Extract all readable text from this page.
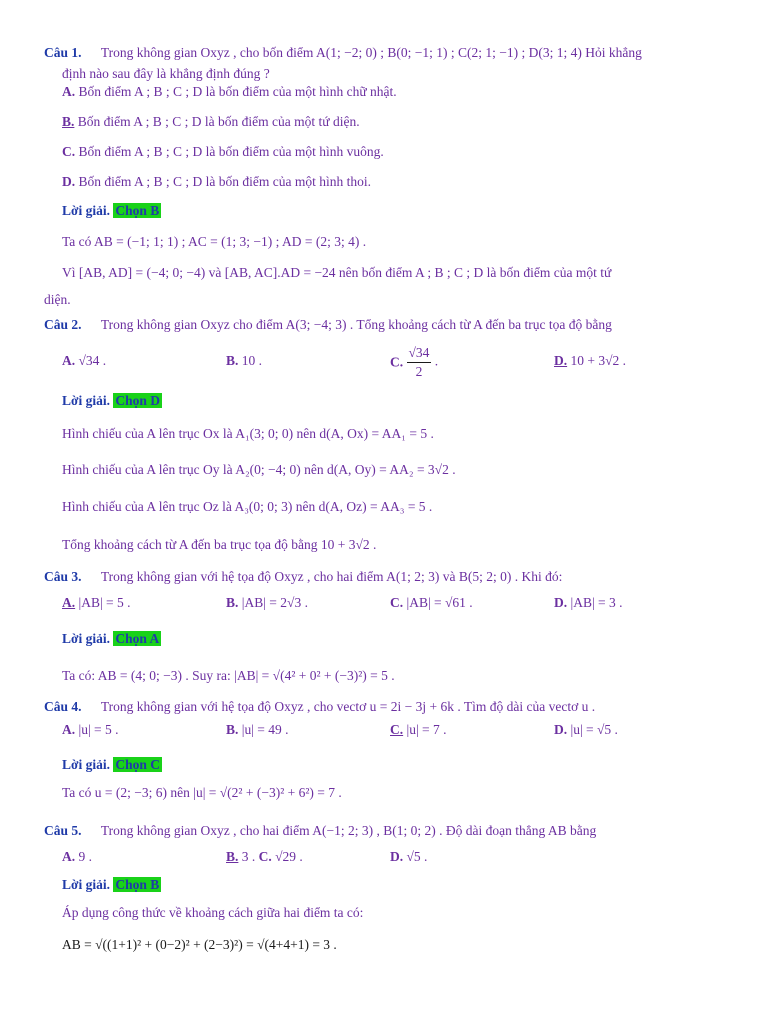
Câu 1. Trong không gian Oxyz , cho bốn điểm A(1; −2; 0) ; B(0; −1; 1) ; C(2; 1; −1) ; D(3; 1; 4) Hỏi khẳng
định nào sau đây là khẳng định đúng ?
A. Bốn điểm A ; B ; C ; D là bốn điểm của một hình chữ nhật.
B. Bốn điểm A ; B ; C ; D là bốn điểm của một tứ diện.
C. Bốn điểm A ; B ; C ; D là bốn điểm của một hình vuông.
D. Bốn điểm A ; B ; C ; D là bốn điểm của một hình thoi.
Lời giải. Chọn B
Ta có AB = (−1; 1; 1) ; AC = (1; 3; −1) ; AD = (2; 3; 4) .
Vì [AB, AD] = (−4; 0; −4) và [AB, AC].AD = −24 nên bốn điểm A ; B ; C ; D là bốn điểm của một tứ
diện.
Câu 2. Trong không gian Oxyz cho điểm A(3; −4; 3) . Tổng khoảng cách từ A đến ba trục tọa độ bằng
A. √34 .	B. 10 .	C. $\frac{√34}{2}$ .	D. 10 + 3√2 .
Lời giải. Chọn D
Hình chiếu của A lên trục Ox là A₁(3; 0; 0) nên d(A, Ox) = AA₁ = 5 .
Hình chiếu của A lên trục Oy là A₂(0; −4; 0) nên d(A, Oy) = AA₂ = 3√2 .
Hình chiếu của A lên trục Oz là A₃(0; 0; 3) nên d(A, Oz) = AA₃ = 5 .
Tổng khoảng cách từ A đến ba trục tọa độ bằng 10 + 3√2 .
Câu 3. Trong không gian với hệ tọa độ Oxyz , cho hai điểm A(1; 2; 3) và B(5; 2; 0) . Khi đó:
A. |AB| = 5 .	B. |AB| = 2√3 .	C. |AB| = √61 .	D. |AB| = 3 .
Lời giải. Chọn A
Ta có: AB = (4; 0; −3) . Suy ra: |AB| = √(4² + 0² + (−3)²) = 5 .
Câu 4. Trong không gian với hệ tọa độ Oxyz , cho vectơ u = 2i − 3j + 6k . Tìm độ dài của vectơ u .
A. |u| = 5 .	B. |u| = 49 .	C. |u| = 7 .	D. |u| = √5 .
Lời giải. Chọn C
Ta có u = (2; −3; 6) nên |u| = √(2² + (−3)² + 6²) = 7 .
Câu 5. Trong không gian Oxyz , cho hai điểm A(−1; 2; 3) , B(1; 0; 2) . Độ dài đoạn thẳng AB bằng
A. 9 .	B. 3 . C. √29 .	D. √5 .
Lời giải. Chọn B
Áp dụng công thức về khoảng cách giữa hai điểm ta có:
AB = √((1+1)² + (0−2)² + (2−3)²) = √(4+4+1) = 3 .
